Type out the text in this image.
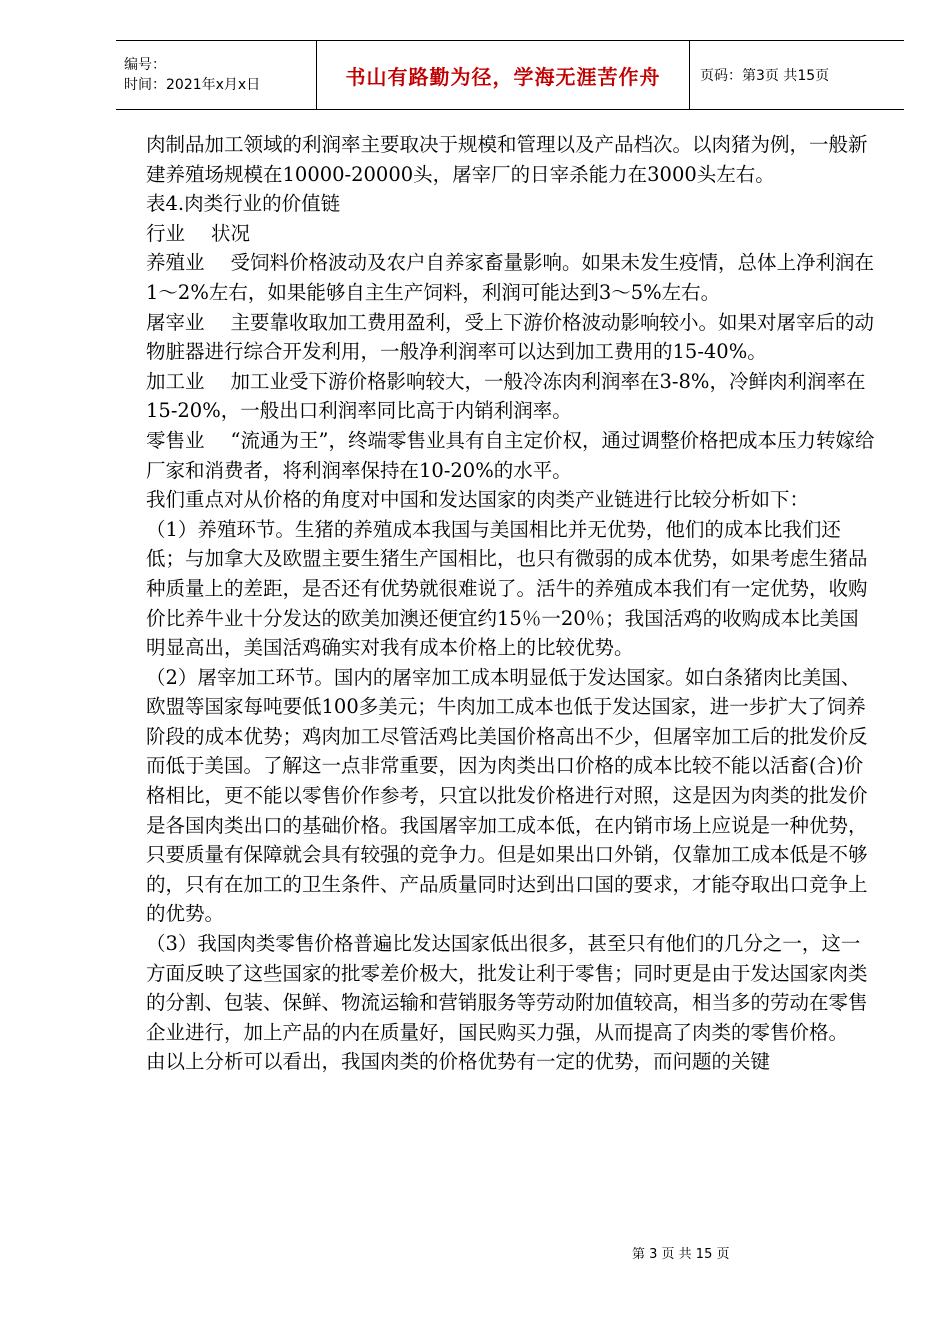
编号：
时间：2021年x月x日	书山有路勤为径，学海无涯苦作舟	页码：第3页 共15页

肉制品加工领域的利润率主要取决于规模和管理以及产品档次。以肉猪为例，一般新建养殖场规模在10000-20000头，屠宰厂的日宰杀能力在3000头左右。

表4.肉类行业的价值链

行业 状况

养殖业 受饲料价格波动及农户自养家畜量影响。如果未发生疫情，总体上净利润在1～2%左右，如果能够自主生产饲料，利润可能达到3～5%左右。

屠宰业 主要靠收取加工费用盈利，受上下游价格波动影响较小。如果对屠宰后的动物脏器进行综合开发利用，一般净利润率可以达到加工费用的15-40%。

加工业 加工业受下游价格影响较大，一般冷冻肉利润率在3-8%，冷鲜肉利润率在15-20%，一般出口利润率同比高于内销利润率。

零售业 “流通为王”，终端零售业具有自主定价权，通过调整价格把成本压力转嫁给厂家和消费者，将利润率保持在10-20%的水平。

我们重点对从价格的角度对中国和发达国家的肉类产业链进行比较分析如下：

（1）养殖环节。生猪的养殖成本我国与美国相比并无优势，他们的成本比我们还低；与加拿大及欧盟主要生猪生产国相比，也只有微弱的成本优势，如果考虑生猪品种质量上的差距，是否还有优势就很难说了。活牛的养殖成本我们有一定优势，收购价比养牛业十分发达的欧美加澳还便宜约15％一20％；我国活鸡的收购成本比美国明显高出，美国活鸡确实对我有成本价格上的比较优势。

（2）屠宰加工环节。国内的屠宰加工成本明显低于发达国家。如白条猪肉比美国、欧盟等国家每吨要低100多美元；牛肉加工成本也低于发达国家，进一步扩大了饲养阶段的成本优势；鸡肉加工尽管活鸡比美国价格高出不少，但屠宰加工后的批发价反而低于美国。了解这一点非常重要，因为肉类出口价格的成本比较不能以活畜(合)价格相比，更不能以零售价作参考，只宜以批发价格进行对照，这是因为肉类的批发价是各国肉类出口的基础价格。我国屠宰加工成本低，在内销市场上应说是一种优势，只要质量有保障就会具有较强的竞争力。但是如果出口外销，仅靠加工成本低是不够的，只有在加工的卫生条件、产品质量同时达到出口国的要求，才能夺取出口竞争上的优势。

（3）我国肉类零售价格普遍比发达国家低出很多，甚至只有他们的几分之一，这一方面反映了这些国家的批零差价极大，批发让利于零售；同时更是由于发达国家肉类的分割、包装、保鲜、物流运输和营销服务等劳动附加值较高，相当多的劳动在零售企业进行，加上产品的内在质量好，国民购买力强，从而提高了肉类的零售价格。

由以上分析可以看出，我国肉类的价格优势有一定的优势，而问题的关键

第 3 页 共 15 页
